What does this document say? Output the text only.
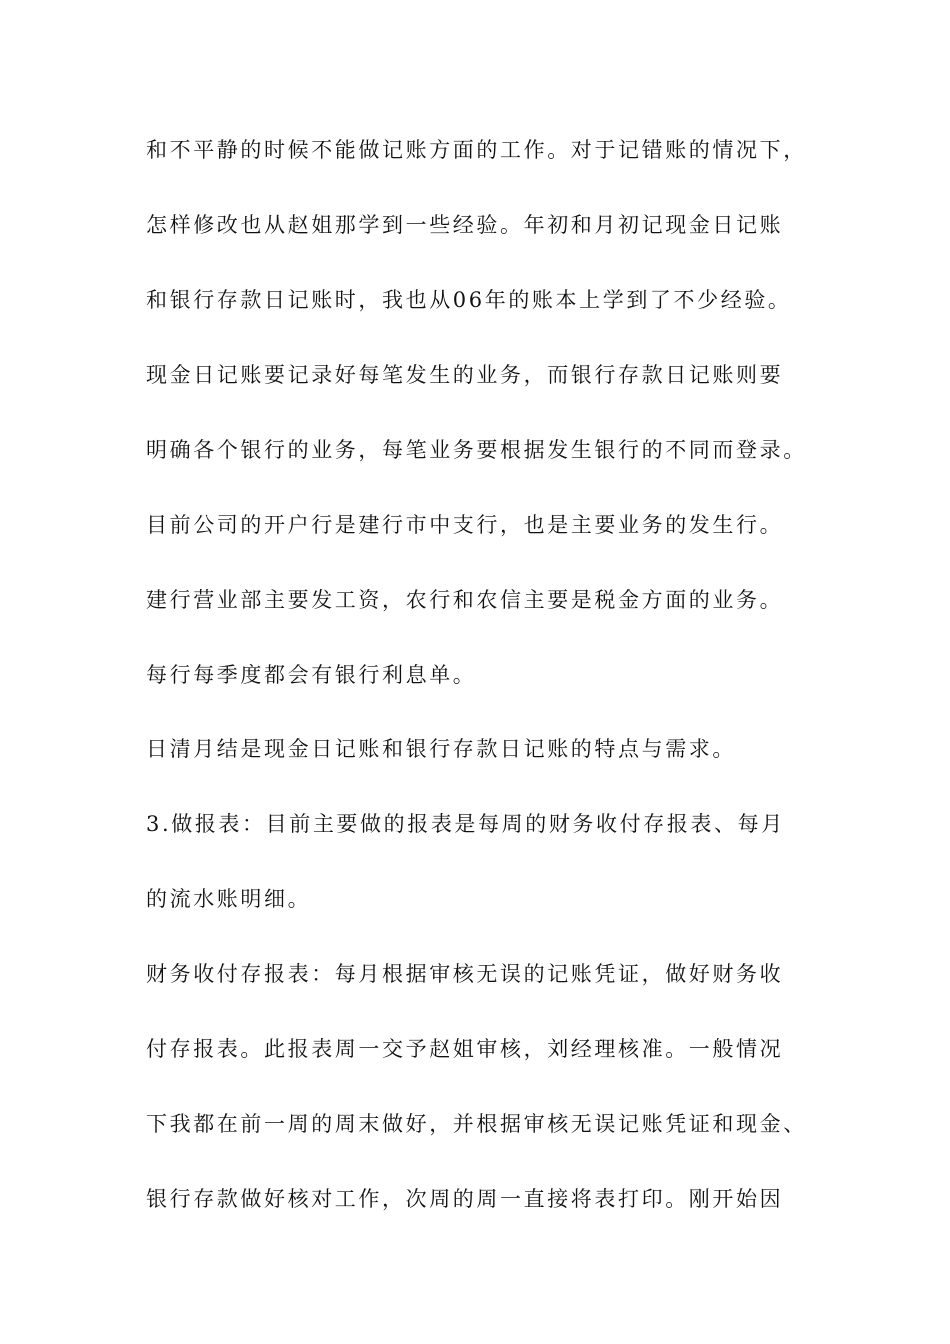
和不平静的时候不能做记账方面的工作。对于记错账的情况下，
怎样修改也从赵姐那学到一些经验。年初和月初记现金日记账
和银行存款日记账时，我也从06年的账本上学到了不少经验。
现金日记账要记录好每笔发生的业务，而银行存款日记账则要
明确各个银行的业务，每笔业务要根据发生银行的不同而登录。
目前公司的开户行是建行市中支行，也是主要业务的发生行。
建行营业部主要发工资，农行和农信主要是税金方面的业务。
每行每季度都会有银行利息单。
日清月结是现金日记账和银行存款日记账的特点与需求。
3.做报表：目前主要做的报表是每周的财务收付存报表、每月
的流水账明细。
财务收付存报表：每月根据审核无误的记账凭证，做好财务收
付存报表。此报表周一交予赵姐审核，刘经理核准。一般情况
下我都在前一周的周末做好，并根据审核无误记账凭证和现金、
银行存款做好核对工作，次周的周一直接将表打印。刚开始因
